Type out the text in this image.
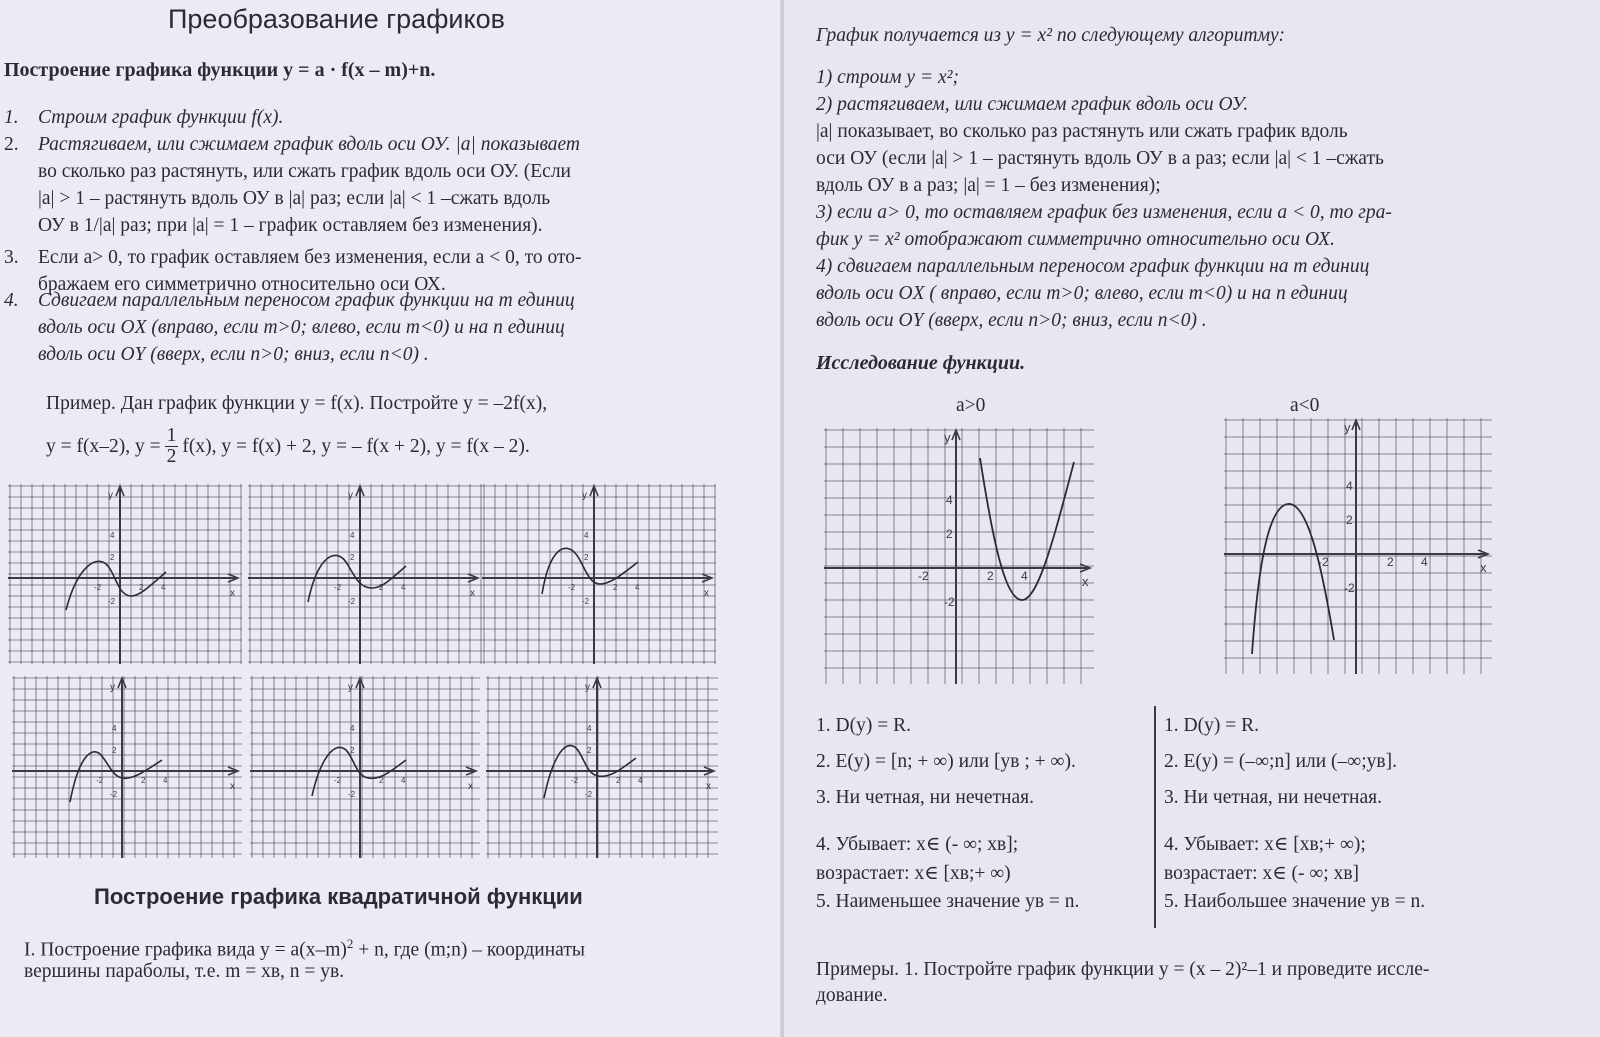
Преобразование графиков
Построение графика функции y = a · f(x – m)+n.
1. Строим график функции f(x).
2. Растягиваем, или сжимаем график вдоль оси ОУ. |a| показывает
во сколько раз растянуть, или сжать график вдоль оси ОУ. (Если
|a| > 1 – растянуть вдоль ОУ в |a| раз; если |a| < 1 –сжать вдоль
ОУ в 1/|a| раз; при |a| = 1 – график оставляем без изменения).
3. Если a> 0, то график оставляем без изменения, если a < 0, то ото-
бражаем его симметрично относительно оси ОХ.
4. Сдвигаем параллельным переносом график функции на m единиц
вдоль оси OX (вправо, если m>0; влево, если m<0) и на n единиц
вдоль оси OY (вверх, если n>0; вниз, если n<0) .
Пример. Дан график функции y = f(x). Постройте y = –2f(x),
y = f(x–2), $y = \frac{1}{2} f(x)$, y = f(x) + 2, y = – f(x + 2), y = f(x – 2).
y
x
2 4
-2
2
4
-2
y
x
2 4
-2
2
4
-2
y
x
2 4
-2
2
4
-2
y
x
2 4
-2
2
4
-2
y
x
2 4
-2
2
4
-2
y
x
2 4
-2
2
4
-2
Построение графика квадратичной функции
I. Построение графика вида $y = a(x-m)^2 + n$, где (m;n) – координаты
вершины параболы, т.е. m = xв, n = yв.
График получается из y = x² по следующему алгоритму:
1) строим y = x²;
2) растягиваем, или сжимаем график вдоль оси ОУ.
|a| показывает, во сколько раз растянуть или сжать график вдоль
оси ОУ (если |a| > 1 – растянуть вдоль ОУ в a раз; если |a| < 1 –сжать
вдоль ОУ в a раз; |a| = 1 – без изменения);
3) если a> 0, то оставляем график без изменения, если a < 0, то гра-
фик y = x² отображают симметрично относительно оси ОХ.
4) сдвигаем параллельным переносом график функции на m единиц
вдоль оси OX ( вправо, если m>0; влево, если m<0) и на n единиц
вдоль оси OY (вверх, если n>0; вниз, если n<0) .
Исследование функции.
a>0	a<0
y
x
2 4
-2
2
4
-2
y
x
2 4
-2
2
4
-2
1. D(y) = R.
2. E(y) = [n; + ∞) или [yв ; + ∞).
3. Ни четная, ни нечетная.
4. Убывает: x∈ (- ∞; xв];
возрастает: x∈ [xв;+ ∞)
5. Наименьшее значение yв = n.
1. D(y) = R.
2. E(y) = (–∞;n] или (–∞;yв].
3. Ни четная, ни нечетная.
4. Убывает: x∈ [xв;+ ∞);
возрастает: x∈ (- ∞; xв]
5. Наибольшее значение yв = n.
Примеры. 1. Постройте график функции y = (x – 2)²–1 и проведите иссле-
дование.
